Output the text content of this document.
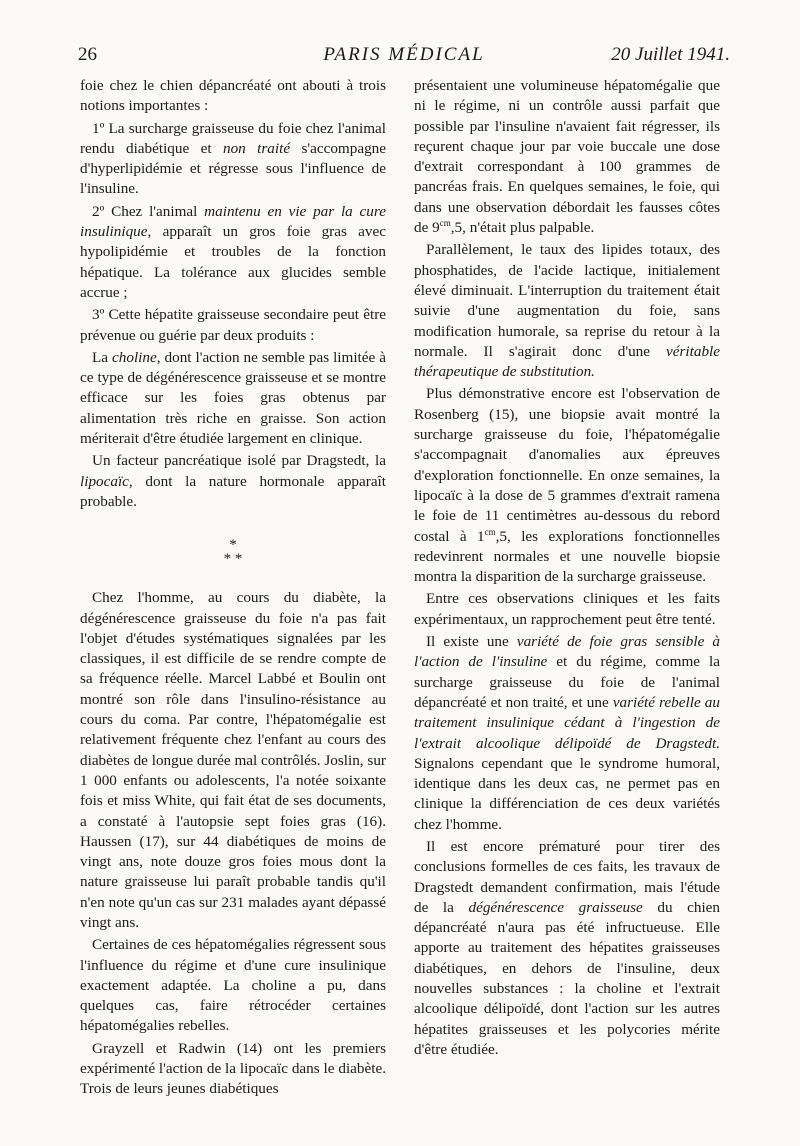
26	PARIS MÉDICAL	20 Juillet 1941.

foie chez le chien dépancréaté ont abouti à trois notions importantes :

1º La surcharge graisseuse du foie chez l'animal rendu diabétique et non traité s'accompagne d'hyperlipidémie et régresse sous l'influence de l'insuline.

2º Chez l'animal maintenu en vie par la cure insulinique, apparaît un gros foie gras avec hypolipidémie et troubles de la fonction hépatique. La tolérance aux glucides semble accrue ;

3º Cette hépatite graisseuse secondaire peut être prévenue ou guérie par deux produits :

La choline, dont l'action ne semble pas limitée à ce type de dégénérescence graisseuse et se montre efficace sur les foies gras obtenus par alimentation très riche en graisse. Son action mériterait d'être étudiée largement en clinique.

Un facteur pancréatique isolé par Dragstedt, la lipocaïc, dont la nature hormonale apparaît probable.

*
* *

Chez l'homme, au cours du diabète, la dégénérescence graisseuse du foie n'a pas fait l'objet d'études systématiques signalées par les classiques, il est difficile de se rendre compte de sa fréquence réelle. Marcel Labbé et Boulin ont montré son rôle dans l'insulino-résistance au cours du coma. Par contre, l'hépatomégalie est relativement fréquente chez l'enfant au cours des diabètes de longue durée mal contrôlés. Joslin, sur 1 000 enfants ou adolescents, l'a notée soixante fois et miss White, qui fait état de ses documents, a constaté à l'autopsie sept foies gras (16). Haussen (17), sur 44 diabétiques de moins de vingt ans, note douze gros foies mous dont la nature graisseuse lui paraît probable tandis qu'il n'en note qu'un cas sur 231 malades ayant dépassé vingt ans.

Certaines de ces hépatomégalies régressent sous l'influence du régime et d'une cure insulinique exactement adaptée. La choline a pu, dans quelques cas, faire rétrocéder certaines hépatomégalies rebelles.

Grayzell et Radwin (14) ont les premiers expérimenté l'action de la lipocaïc dans le diabète. Trois de leurs jeunes diabétiques

présentaient une volumineuse hépatomégalie que ni le régime, ni un contrôle aussi parfait que possible par l'insuline n'avaient fait régresser, ils reçurent chaque jour par voie buccale une dose d'extrait correspondant à 100 grammes de pancréas frais. En quelques semaines, le foie, qui dans une observation débordait les fausses côtes de $9^{cm},5$, n'était plus palpable.

Parallèlement, le taux des lipides totaux, des phosphatides, de l'acide lactique, initialement élevé diminuait. L'interruption du traitement était suivie d'une augmentation du foie, sans modification humorale, sa reprise du retour à la normale. Il s'agirait donc d'une véritable thérapeutique de substitution.

Plus démonstrative encore est l'observation de Rosenberg (15), une biopsie avait montré la surcharge graisseuse du foie, l'hépatomégalie s'accompagnait d'anomalies aux épreuves d'exploration fonctionnelle. En onze semaines, la lipocaïc à la dose de 5 grammes d'extrait ramena le foie de 11 centimètres au-dessous du rebord costal à $1^{cm},5$, les explorations fonctionnelles redevinrent normales et une nouvelle biopsie montra la disparition de la surcharge graisseuse.

Entre ces observations cliniques et les faits expérimentaux, un rapprochement peut être tenté.

Il existe une variété de foie gras sensible à l'action de l'insuline et du régime, comme la surcharge graisseuse du foie de l'animal dépancréaté et non traité, et une variété rebelle au traitement insulinique cédant à l'ingestion de l'extrait alcoolique délipoïdé de Dragstedt. Signalons cependant que le syndrome humoral, identique dans les deux cas, ne permet pas en clinique la différenciation de ces deux variétés chez l'homme.

Il est encore prématuré pour tirer des conclusions formelles de ces faits, les travaux de Dragstedt demandent confirmation, mais l'étude de la dégénérescence graisseuse du chien dépancréaté n'aura pas été infructueuse. Elle apporte au traitement des hépatites graisseuses diabétiques, en dehors de l'insuline, deux nouvelles substances : la choline et l'extrait alcoolique délipoïdé, dont l'action sur les autres hépatites graisseuses et les polycories mérite d'être étudiée.
